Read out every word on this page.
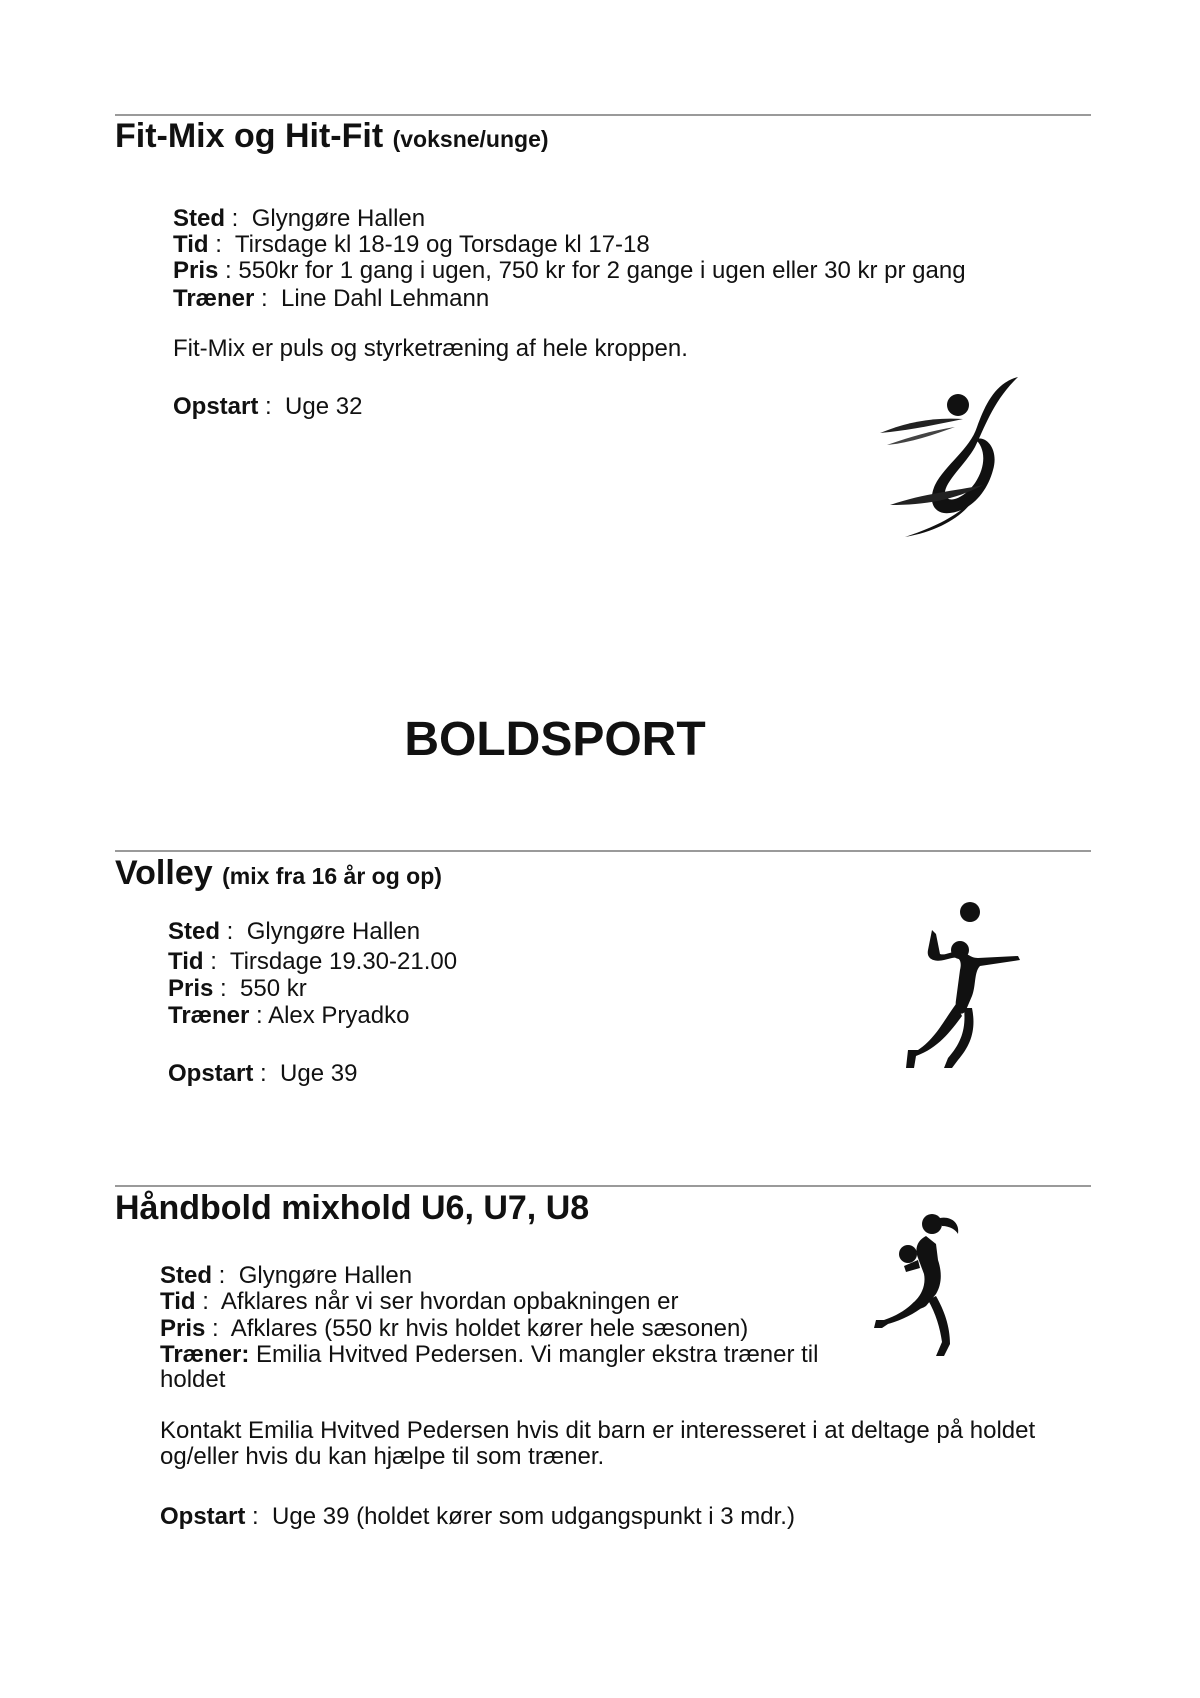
Fit-Mix og Hit-Fit (voksne/unge)
Sted :  Glyngøre Hallen
Tid :  Tirsdage kl 18-19 og Torsdage kl 17-18
Pris : 550kr for 1 gang i ugen, 750 kr for 2 gange i ugen eller 30 kr pr gang
Træner :  Line Dahl Lehmann
Fit-Mix er puls og styrketræning af hele kroppen.
Opstart :  Uge 32
BOLDSPORT
Volley (mix fra 16 år og op)
Sted :  Glyngøre Hallen
Tid :  Tirsdage 19.30-21.00
Pris :  550 kr
Træner : Alex Pryadko
Opstart :  Uge 39
Håndbold mixhold U6, U7, U8
Sted :  Glyngøre Hallen
Tid :  Afklares når vi ser hvordan opbakningen er
Pris :  Afklares (550 kr hvis holdet kører hele sæsonen)
Træner: Emilia Hvitved Pedersen. Vi mangler ekstra træner til
holdet
Kontakt Emilia Hvitved Pedersen hvis dit barn er interesseret i at deltage på holdet
og/eller hvis du kan hjælpe til som træner.
Opstart :  Uge 39 (holdet kører som udgangspunkt i 3 mdr.)
